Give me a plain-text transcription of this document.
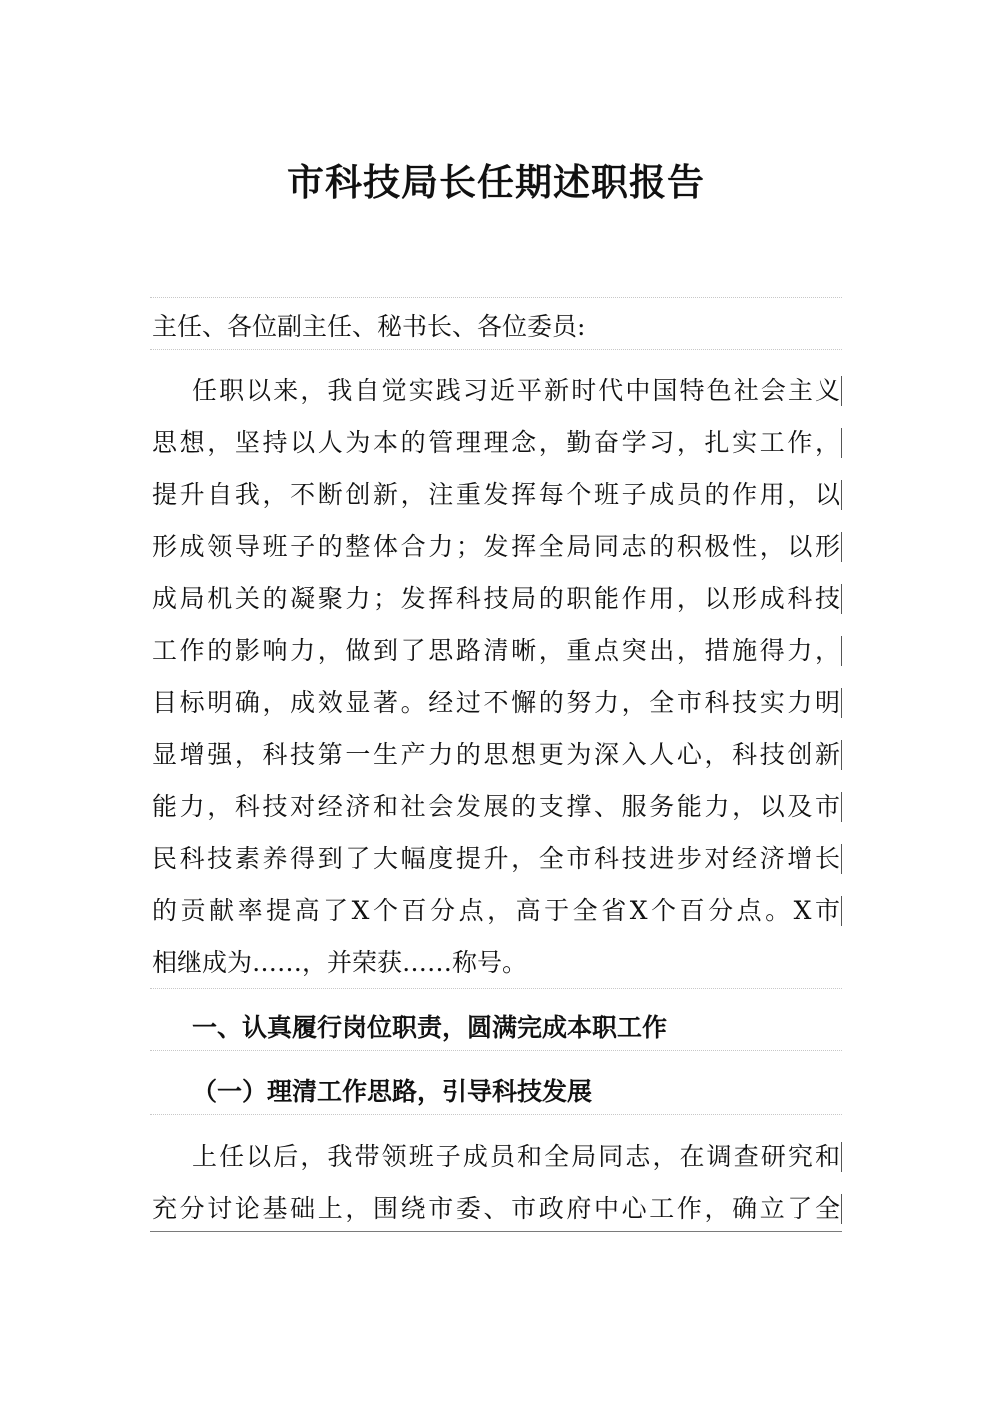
市科技局长任期述职报告
主任、各位副主任、秘书长、各位委员:
任职以来，我自觉实践习近平新时代中国特色社会主义
思想，坚持以人为本的管理理念，勤奋学习，扎实工作，
提升自我，不断创新，注重发挥每个班子成员的作用，以
形成领导班子的整体合力；发挥全局同志的积极性，以形
成局机关的凝聚力；发挥科技局的职能作用，以形成科技
工作的影响力，做到了思路清晰，重点突出，措施得力，
目标明确，成效显著。经过不懈的努力，全市科技实力明
显增强，科技第一生产力的思想更为深入人心，科技创新
能力，科技对经济和社会发展的支撑、服务能力，以及市
民科技素养得到了大幅度提升，全市科技进步对经济增长
的贡献率提高了X个百分点，高于全省X个百分点。X市
相继成为……，并荣获……称号。
一、认真履行岗位职责，圆满完成本职工作
（一）理清工作思路，引导科技发展
上任以后，我带领班子成员和全局同志，在调查研究和
充分讨论基础上，围绕市委、市政府中心工作，确立了全
